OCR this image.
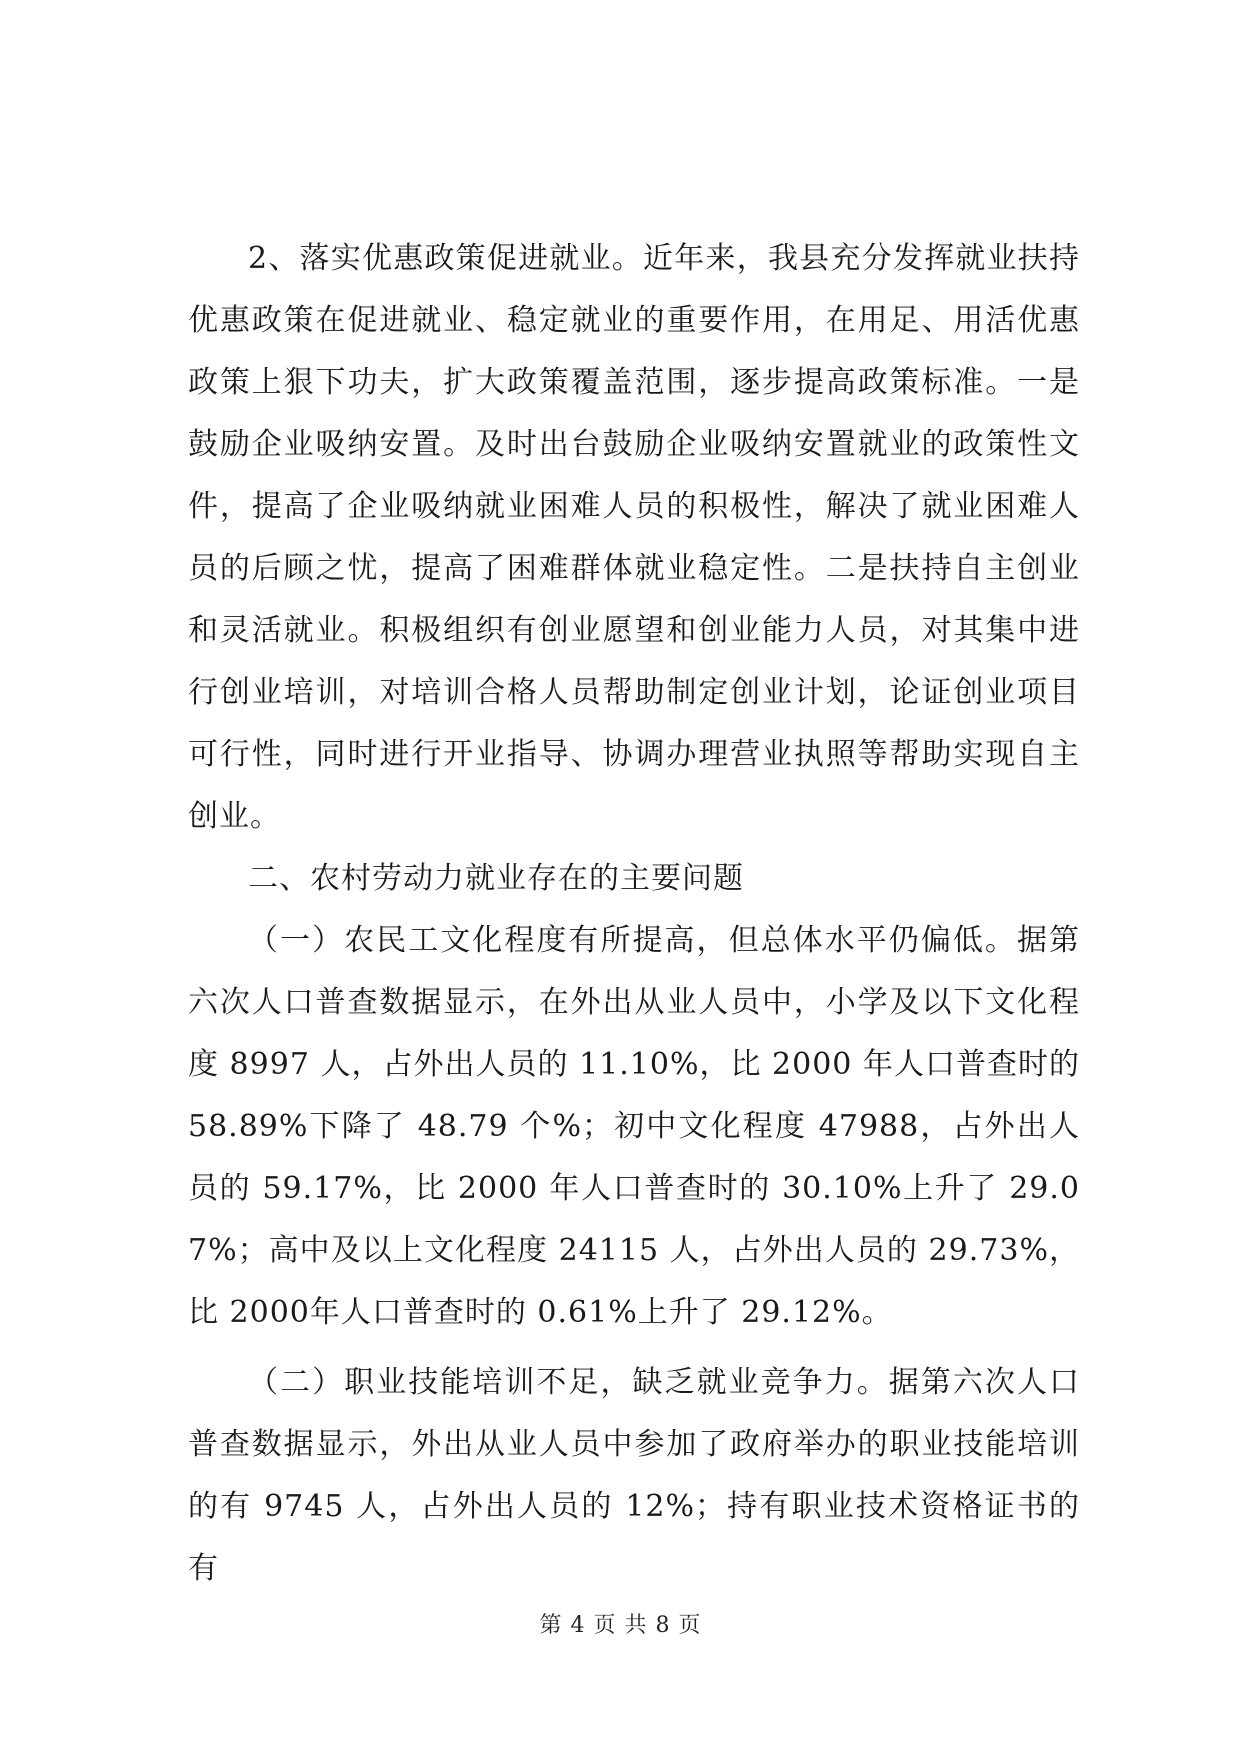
2、落实优惠政策促进就业。近年来，我县充分发挥就业扶持优惠政策在促进就业、稳定就业的重要作用，在用足、用活优惠政策上狠下功夫，扩大政策覆盖范围，逐步提高政策标准。一是鼓励企业吸纳安置。及时出台鼓励企业吸纳安置就业的政策性文件，提高了企业吸纳就业困难人员的积极性，解决了就业困难人员的后顾之忧，提高了困难群体就业稳定性。二是扶持自主创业和灵活就业。积极组织有创业愿望和创业能力人员，对其集中进行创业培训，对培训合格人员帮助制定创业计划，论证创业项目可行性，同时进行开业指导、协调办理营业执照等帮助实现自主创业。

二、农村劳动力就业存在的主要问题

（一）农民工文化程度有所提高，但总体水平仍偏低。据第六次人口普查数据显示，在外出从业人员中，小学及以下文化程度 8997 人，占外出人员的 11.10%，比 2000 年人口普查时的58.89%下降了 48.79 个%；初中文化程度 47988，占外出人员的 59.17%，比 2000 年人口普查时的 30.10%上升了 29.07%；高中及以上文化程度 24115 人，占外出人员的 29.73%，比 2000年人口普查时的 0.61%上升了 29.12%。

（二）职业技能培训不足，缺乏就业竞争力。据第六次人口普查数据显示，外出从业人员中参加了政府举办的职业技能培训的有 9745 人，占外出人员的 12%；持有职业技术资格证书的有

第 4 页 共 8 页
